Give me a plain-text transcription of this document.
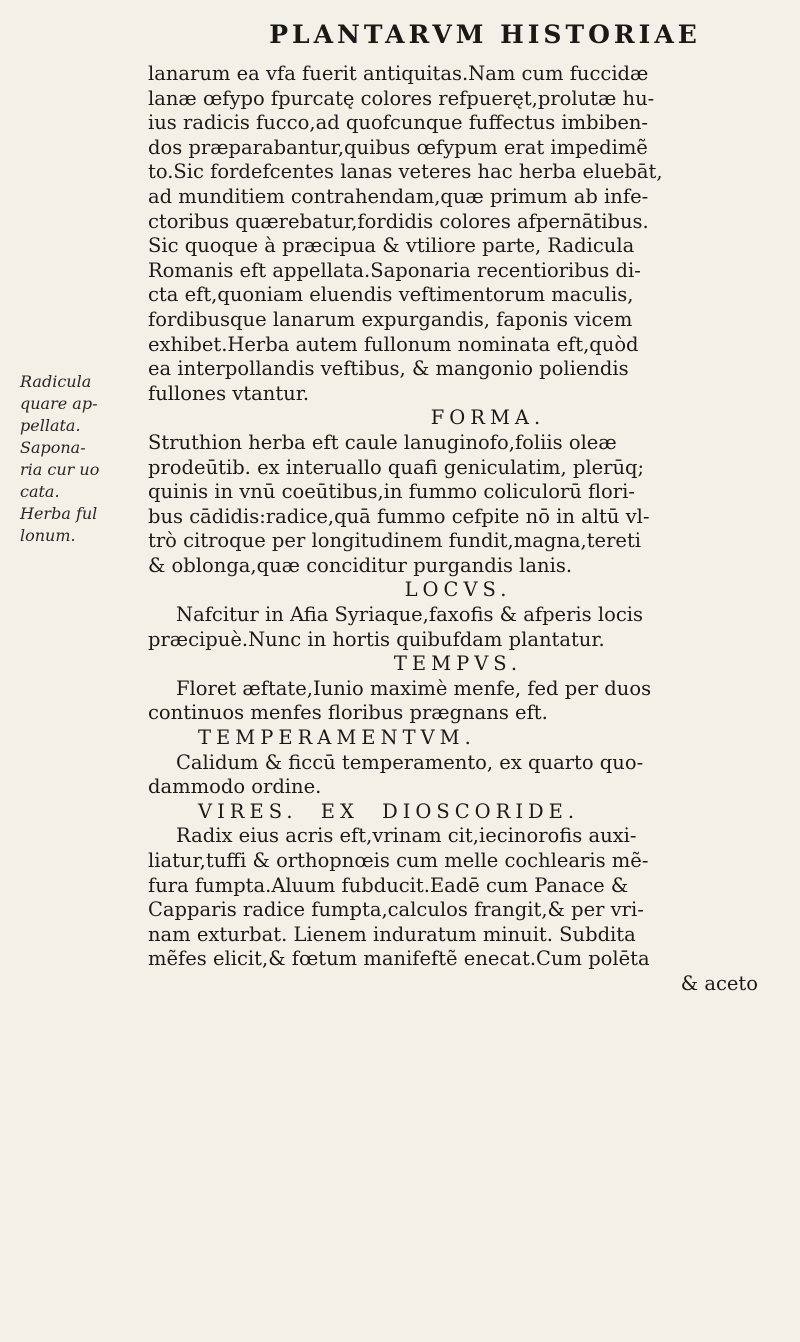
PLANTARVM HISTORIAE
Radicula
quare ap-
pellata.
Sapona-
ria cur uo
cata.
Herba ful
lonum.
lanarum ea vfa fuerit antiquitas.Nam cum fuccidæ
lanæ œfypo fpurcatę colores refpueręt,prolutæ hu-
ius radicis fucco,ad quofcunque fuffectus imbiben-
dos præparabantur,quibus œfypum erat impedimẽ
to.Sic fordefcentes lanas veteres hac herba eluebāt,
ad munditiem contrahendam,quæ primum ab infe-
ctoribus quærebatur,fordidis colores afpernātibus.
Sic quoque à præcipua & vtiliore parte, Radicula
Romanis eft appellata.Saponaria recentioribus di-
cta eft,quoniam eluendis veftimentorum maculis,
fordibusque lanarum expurgandis, faponis vicem
exhibet.Herba autem fullonum nominata eft,quòd
ea interpollandis veftibus, & mangonio poliendis
fullones vtantur.
FORMA.
Struthion herba eft caule lanuginofo,foliis oleæ
prodeūtib. ex interuallo quafi geniculatim, plerūq;
quinis in vnū coeūtibus,in fummo coliculorū flori-
bus cādidis:radice,quā fummo cefpite nō in altū vl-
trò citroque per longitudinem fundit,magna,tereti
& oblonga,quæ conciditur purgandis lanis.
LOCVS.
Nafcitur in Afia Syriaque,faxofis & afperis locis
præcipuè.Nunc in hortis quibufdam plantatur.
TEMPVS.
Floret æftate,Iunio maximè menfe, fed per duos
continuos menfes floribus prægnans eft.
TEMPERAMENTVM.
Calidum & ficcū temperamento, ex quarto quo-
dammodo ordine.
VIRES. EX DIOSCORIDE.
Radix eius acris eft,vrinam cit,iecinorofis auxi-
liatur,tuffi & orthopnœis cum melle cochlearis mẽ-
fura fumpta.Aluum fubducit.Eadē cum Panace &
Capparis radice fumpta,calculos frangit,& per vri-
nam exturbat. Lienem induratum minuit. Subdita
mẽfes elicit,& fœtum manifeftẽ enecat.Cum polēta
& aceto
